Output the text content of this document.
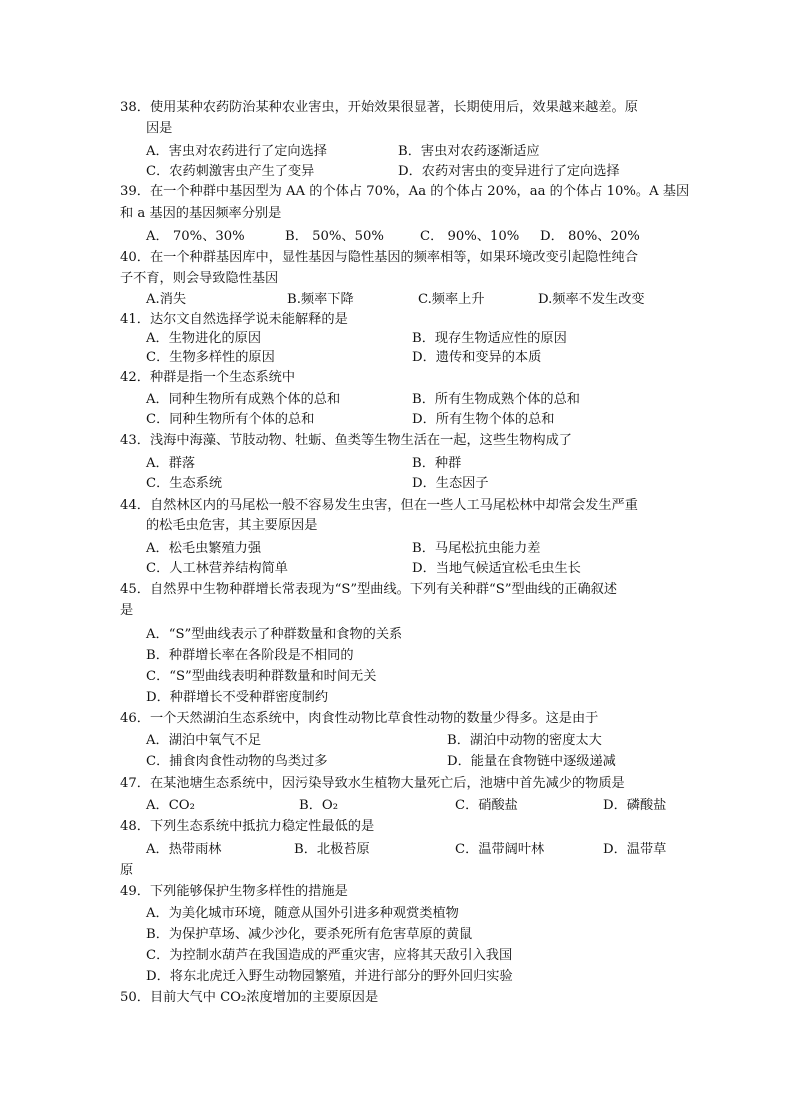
38．使用某种农药防治某种农业害虫，开始效果很显著，长期使用后，效果越来越差。原
因是
A．害虫对农药进行了定向选择	B．害虫对农药逐渐适应
C．农药刺激害虫产生了变异	D．农药对害虫的变异进行了定向选择
39．在一个种群中基因型为 AA 的个体占 70%，Aa 的个体占 20%，aa 的个体占 10%。A 基因
和 a 基因的基因频率分别是
A． 70%、30%	B． 50%、50%	C． 90%、10% D． 80%、20%
40．在一个种群基因库中，显性基因与隐性基因的频率相等，如果环境改变引起隐性纯合
子不育，则会导致隐性基因
A.消失	B.频率下降	C.频率上升	D.频率不发生改变
41．达尔文自然选择学说未能解释的是
A．生物进化的原因	B．现存生物适应性的原因
C．生物多样性的原因	D．遗传和变异的本质
42．种群是指一个生态系统中
A．同种生物所有成熟个体的总和	B．所有生物成熟个体的总和
C．同种生物所有个体的总和	D．所有生物个体的总和
43．浅海中海藻、节肢动物、牡蛎、鱼类等生物生活在一起，这些生物构成了
A．群落	B．种群
C．生态系统	D．生态因子
44．自然林区内的马尾松一般不容易发生虫害，但在一些人工马尾松林中却常会发生严重
的松毛虫危害，其主要原因是
A．松毛虫繁殖力强	B．马尾松抗虫能力差
C．人工林营养结构简单	D．当地气候适宜松毛虫生长
45．自然界中生物种群增长常表现为“S”型曲线。下列有关种群“S”型曲线的正确叙述
是
A．“S”型曲线表示了种群数量和食物的关系
B．种群增长率在各阶段是不相同的
C．“S”型曲线表明种群数量和时间无关
D．种群增长不受种群密度制约
46．一个天然湖泊生态系统中，肉食性动物比草食性动物的数量少得多。这是由于
A．湖泊中氧气不足	B．湖泊中动物的密度太大
C．捕食肉食性动物的鸟类过多	D．能量在食物链中逐级递减
47．在某池塘生态系统中，因污染导致水生植物大量死亡后，池塘中首先减少的物质是
A．CO₂	B．O₂	C．硝酸盐	D．磷酸盐
48．下列生态系统中抵抗力稳定性最低的是
A．热带雨林	B．北极苔原	C．温带阔叶林	D．温带草
原
49．下列能够保护生物多样性的措施是
A．为美化城市环境，随意从国外引进多种观赏类植物
B．为保护草场、减少沙化，要杀死所有危害草原的黄鼠
C．为控制水葫芦在我国造成的严重灾害，应将其天敌引入我国
D．将东北虎迁入野生动物园繁殖，并进行部分的野外回归实验
50．目前大气中 CO₂浓度增加的主要原因是
